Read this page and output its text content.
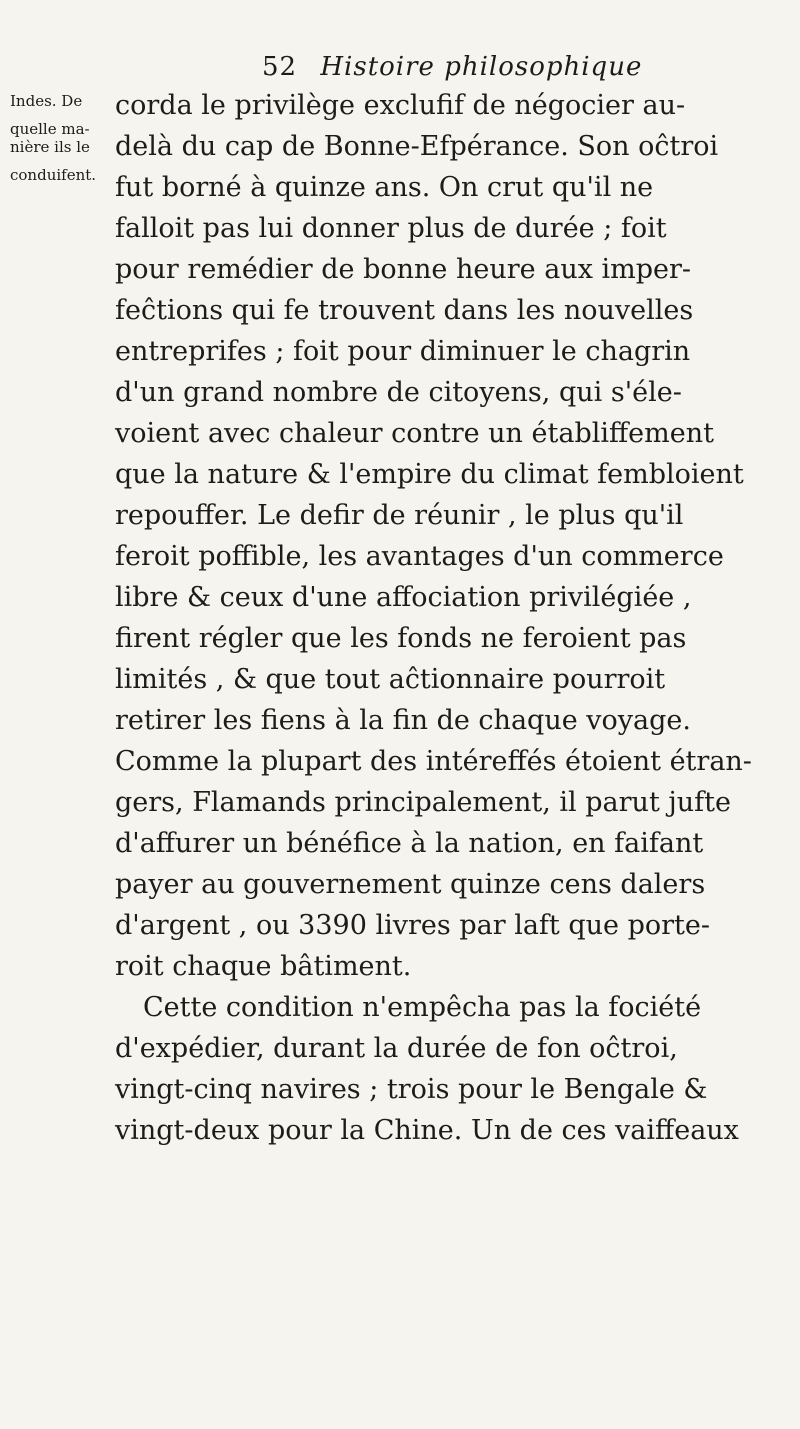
52 Histoire philosophique
Indes. De
quelle ma-
nière ils le
conduifent.
corda le privilège exclufif de négocier au-
delà du cap de Bonne-Efpérance. Son oĉtroi
fut borné à quinze ans. On crut qu'il ne
falloit pas lui donner plus de durée ; foit
pour remédier de bonne heure aux imper-
feĉtions qui fe trouvent dans les nouvelles
entreprifes ; foit pour diminuer le chagrin
d'un grand nombre de citoyens, qui s'éle-
voient avec chaleur contre un établiffement
que la nature & l'empire du climat fembloient
repouffer. Le defir de réunir , le plus qu'il
feroit poffible, les avantages d'un commerce
libre & ceux d'une affociation privilégiée ,
firent régler que les fonds ne feroient pas
limités , & que tout aĉtionnaire pourroit
retirer les fiens à la fin de chaque voyage.
Comme la plupart des intéreffés étoient étran-
gers, Flamands principalement, il parut jufte
d'affurer un bénéfice à la nation, en faifant
payer au gouvernement quinze cens dalers
d'argent , ou 3390 livres par laft que porte-
roit chaque bâtiment.
Cette condition n'empêcha pas la fociété
d'expédier, durant la durée de fon oĉtroi,
vingt-cinq navires ; trois pour le Bengale &
vingt-deux pour la Chine. Un de ces vaiffeaux
